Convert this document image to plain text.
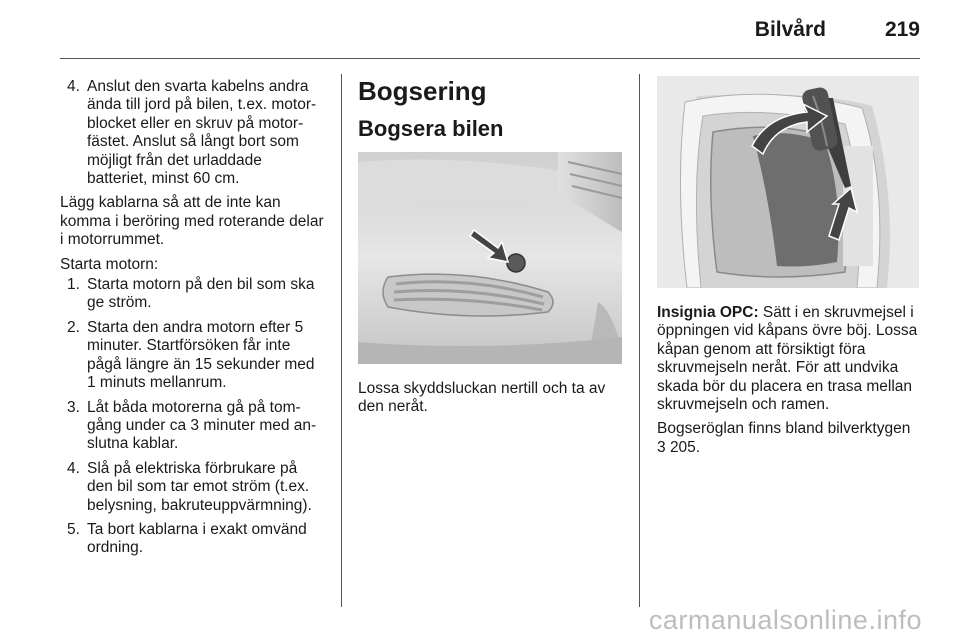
Bilvård	219
4. Anslut den svarta kabelns andra ända till jord på bilen, t.ex. motor-blocket eller en skruv på motor-fästet. Anslut så långt bort som möjligt från det urladdade batteriet, minst 60 cm.

Lägg kablarna så att de inte kan komma i beröring med roterande delar i motorrummet.

Starta motorn:

1. Starta motorn på den bil som ska ge ström.
2. Starta den andra motorn efter 5 minuter. Startförsöken får inte pågå längre än 15 sekunder med 1 minuts mellanrum.
3. Låt båda motorerna gå på tom-gång under ca 3 minuter med an-slutna kablar.
4. Slå på elektriska förbrukare på den bil som tar emot ström (t.ex. belysning, bakruteuppvärmning).
5. Ta bort kablarna i exakt omvänd ordning.
Bogsering
Bogsera bilen

Lossa skyddsluckan nertill och ta av den neråt.

Insignia OPC: Sätt i en skruvmejsel i öppningen vid kåpans övre böj. Lossa kåpan genom att försiktigt föra skruvmejseln neråt. För att undvika skada bör du placera en trasa mellan skruvmejseln och ramen.

Bogseröglan finns bland bilverktygen
3 205.

carmanualsonline.info
